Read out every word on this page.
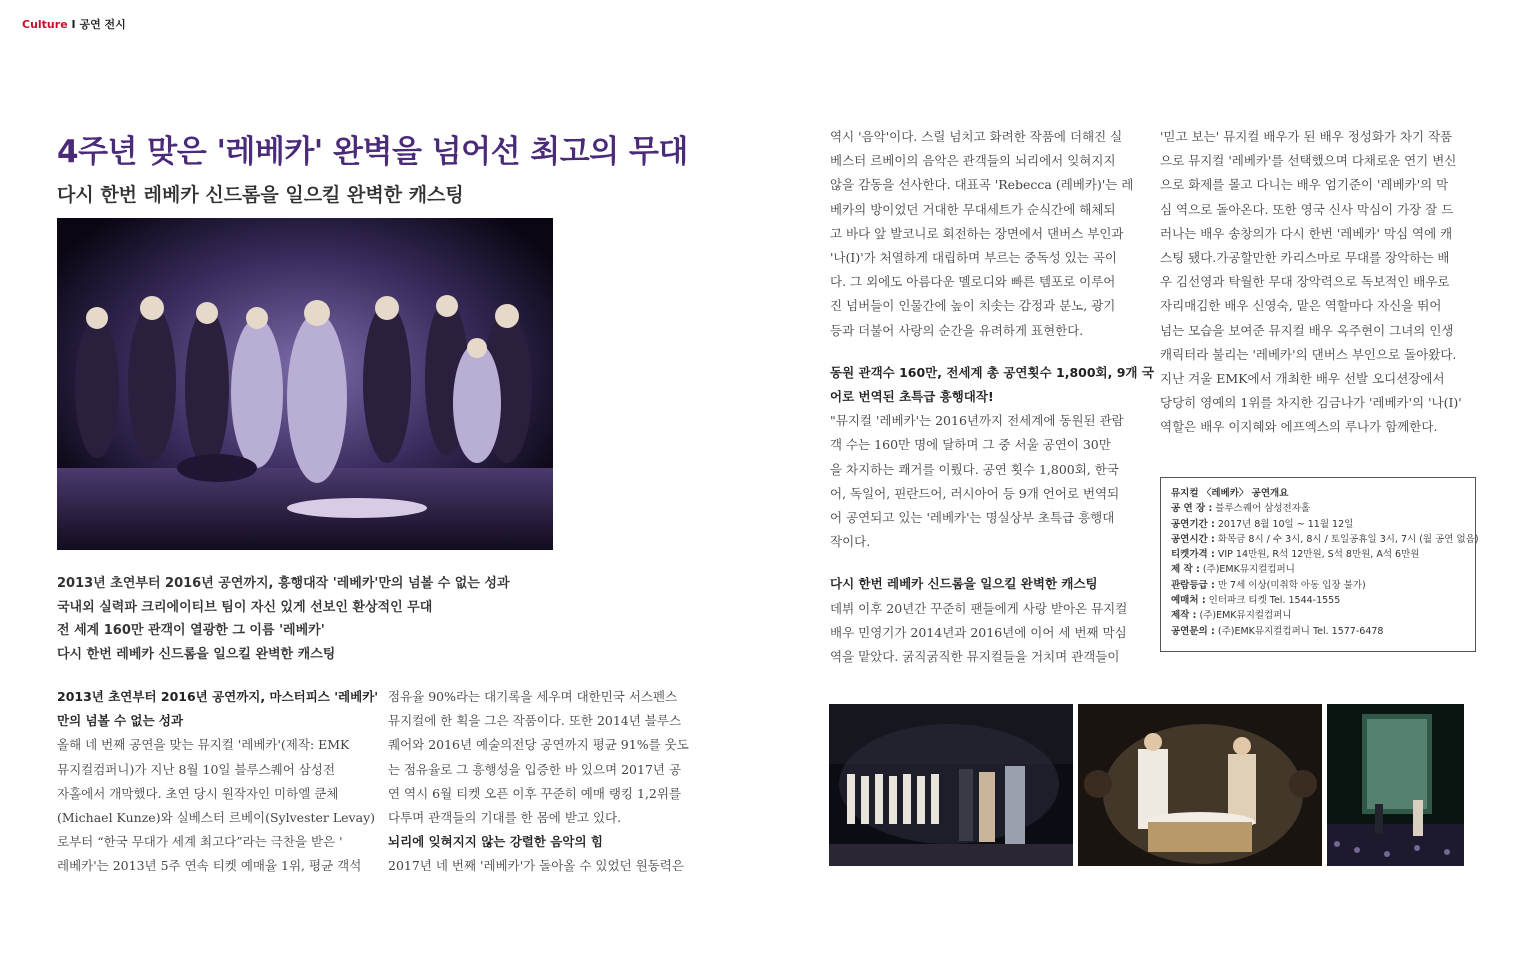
Culture I 공연 전시
4주년 맞은 '레베카' 완벽을 넘어선 최고의 무대
다시 한번 레베카 신드롬을 일으킬 완벽한 캐스팅
2013년 초연부터 2016년 공연까지, 흥행대작 '레베카'만의 넘볼 수 없는 성과
국내외 실력파 크리에이티브 팀이 자신 있게 선보인 환상적인 무대
전 세계 160만 관객이 열광한 그 이름 '레베카'
다시 한번 레베카 신드롬을 일으킬 완벽한 캐스팅

2013년 초연부터 2016년 공연까지, 마스터피스 '레베카'

만의 넘볼 수 없는 성과

올해 네 번째 공연을 맞는 뮤지컬 '레베카'(제작: EMK

뮤지컬컴퍼니)가 지난 8월 10일 블루스퀘어 삼성전

자홀에서 개막했다. 초연 당시 원작자인 미하엘 쿤체

(Michael Kunze)와 실베스터 르베이(Sylvester Levay)

로부터 “한국 무대가 세계 최고다”라는 극찬을 받은 '

레베카'는 2013년 5주 연속 티켓 예매율 1위, 평균 객석

점유율 90%라는 대기록을 세우며 대한민국 서스펜스

뮤지컬에 한 획을 그은 작품이다. 또한 2014년 블루스

퀘어와 2016년 예술의전당 공연까지 평균 91%를 웃도

는 점유율로 그 흥행성을 입증한 바 있으며 2017년 공

연 역시 6월 티켓 오픈 이후 꾸준히 예매 랭킹 1,2위를

다투며 관객들의 기대를 한 몸에 받고 있다.

뇌리에 잊혀지지 않는 강렬한 음악의 힘

2017년 네 번째 '레베카'가 돌아올 수 있었던 원동력은

역시 '음악'이다. 스릴 넘치고 화려한 작품에 더해진 실

베스터 르베이의 음악은 관객들의 뇌리에서 잊혀지지

않을 감동을 선사한다. 대표곡 'Rebecca (레베카)'는 레

베카의 방이었던 거대한 무대세트가 순식간에 해체되

고 바다 앞 발코니로 회전하는 장면에서 댄버스 부인과

'나(I)'가 처열하게 대립하며 부르는 중독성 있는 곡이

다. 그 외에도 아름다운 멜로디와 빠른 템포로 이루어

진 넘버들이 인물간에 높이 치솟는 감정과 분노, 광기

등과 더불어 사랑의 순간을 유려하게 표현한다.

동원 관객수 160만, 전세계 총 공연횟수 1,800회, 9개 국

어로 번역된 초특급 흥행대작!

"뮤지컬 '레베카'는 2016년까지 전세계에 동원된 관람

객 수는 160만 명에 달하며 그 중 서울 공연이 30만

을 차지하는 쾌거를 이뤘다. 공연 횟수 1,800회, 한국

어, 독일어, 핀란드어, 러시아어 등 9개 언어로 번역되

어 공연되고 있는 '레베카'는 명실상부 초특급 흥행대

작이다.

다시 한번 레베카 신드롬을 일으킬 완벽한 캐스팅

데뷔 이후 20년간 꾸준히 팬들에게 사랑 받아온 뮤지컬

배우 민영기가 2014년과 2016년에 이어 세 번째 막심

역을 맡았다. 굵직굵직한 뮤지컬들을 거치며 관객들이

'믿고 보는' 뮤지컬 배우가 된 배우 정성화가 차기 작품

으로 뮤지컬 '레베카'를 선택했으며 다채로운 연기 변신

으로 화제를 몰고 다니는 배우 엄기준이 '레베카'의 막

심 역으로 돌아온다. 또한 영국 신사 막심이 가장 잘 드

러나는 배우 송창의가 다시 한번 '레베카' 막심 역에 캐

스팅 됐다.가공할만한 카리스마로 무대를 장악하는 배

우 김선영과 탁월한 무대 장악력으로 독보적인 배우로

자리매김한 배우 신영숙, 맡은 역할마다 자신을 뛰어

넘는 모습을 보여준 뮤지컬 배우 옥주현이 그녀의 인생

캐릭터라 불리는 '레베카'의 댄버스 부인으로 돌아왔다.

지난 겨울 EMK에서 개최한 배우 선발 오디션장에서

당당히 영예의 1위를 차지한 김금나가 '레베카'의 '나(I)'

역할은 배우 이지혜와 에프엑스의 루나가 함께한다.

뮤지컬 〈레베카〉 공연개요
공 연 장 : 블루스퀘어 삼성전자홀
공연기간 : 2017년 8월 10일 ~ 11월 12일
공연시간 : 화목금 8시 / 수 3시, 8시 / 토일공휴일 3시, 7시 (월 공연 없음)
티켓가격 : VIP 14만원, R석 12만원, S석 8만원, A석 6만원
제 작 : (주)EMK뮤지컬컴퍼니
관람등급 : 만 7세 이상(미취학 아동 입장 불가)
예매처 : 인터파크 티켓 Tel. 1544-1555
제작 : (주)EMK뮤지컬컴퍼니
공연문의 : (주)EMK뮤지컬컴퍼니 Tel. 1577-6478
